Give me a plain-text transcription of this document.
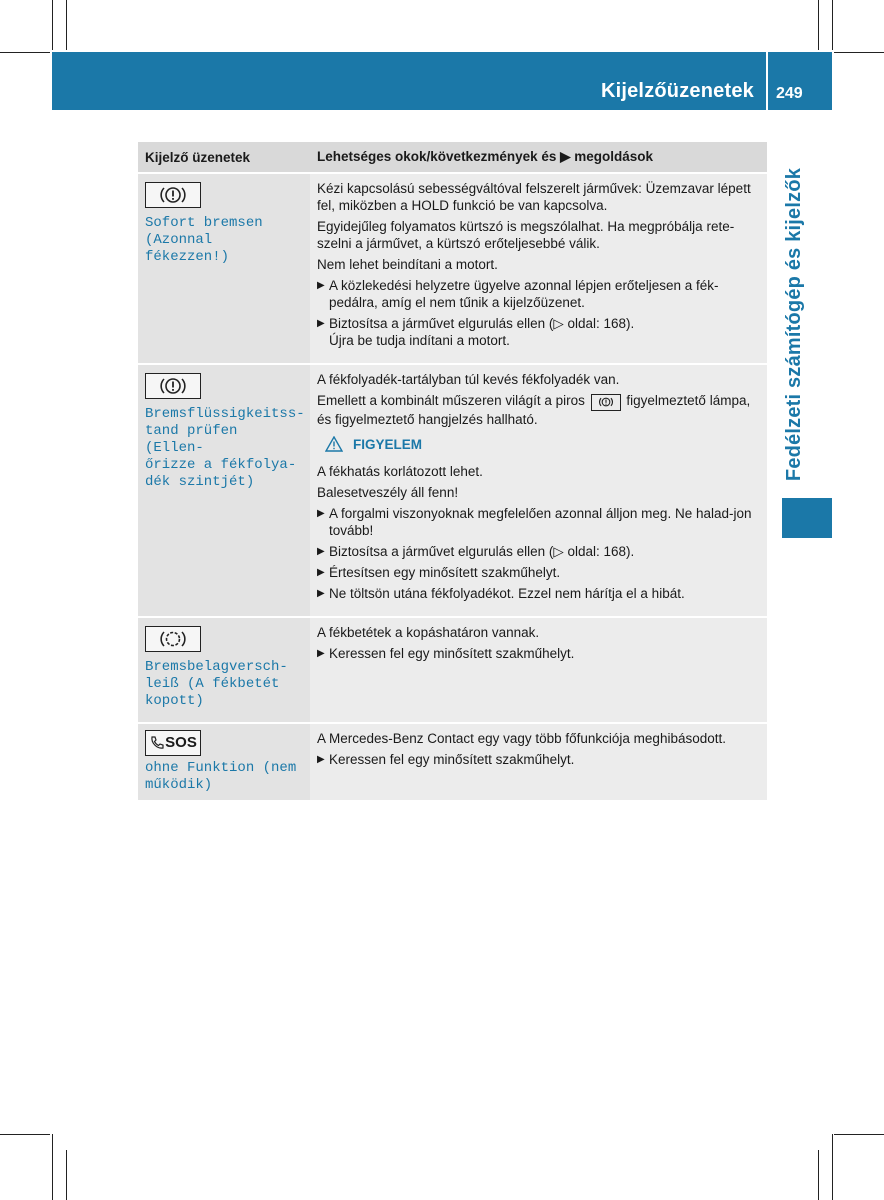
Kijelzőüzenetek 249
Fedélzeti számítógép és kijelzők
Kijelző üzenetek	Lehetséges okok/következmények és ▶ megoldások
Sofort bremsen
(Azonnal fékezzen!)

Kézi kapcsolású sebességváltóval felszerelt járművek: Üzemzavar lépett fel, miközben a HOLD funkció be van kapcsolva.

Egyidejűleg folyamatos kürtszó is megszólalhat. Ha megpróbálja rete-szelni a járművet, a kürtszó erőteljesebbé válik.

Nem lehet beindítani a motort.

▶ A közlekedési helyzetre ügyelve azonnal lépjen erőteljesen a fék-pedálra, amíg el nem tűnik a kijelzőüzenet.
▶ Biztosítsa a járművet elgurulás ellen (▷ oldal: 168).
Újra be tudja indítani a motort.
Bremsflüssigkeitss-
tand prüfen (Ellen-
őrizze a fékfolya-
dék szintjét)

A fékfolyadék-tartályban túl kevés fékfolyadék van.

Emellett a kombinált műszeren világít a piros	figyelmeztető lámpa, és figyelmeztető hangjelzés hallható.

FIGYELEM

A fékhatás korlátozott lehet.

Balesetveszély áll fenn!

▶ A forgalmi viszonyoknak megfelelően azonnal álljon meg. Ne halad-jon tovább!
▶ Biztosítsa a járművet elgurulás ellen (▷ oldal: 168).
▶ Értesítsen egy minősített szakműhelyt.
▶ Ne töltsön utána fékfolyadékot. Ezzel nem hárítja el a hibát.
Bremsbelagversch-
leiß (A fékbetét
kopott)

A fékbetétek a kopáshatáron vannak.

▶ Keressen fel egy minősített szakműhelyt.
SOS
ohne Funktion (nem
működik)

A Mercedes-Benz Contact egy vagy több főfunkciója meghibásodott.

▶ Keressen fel egy minősített szakműhelyt.
